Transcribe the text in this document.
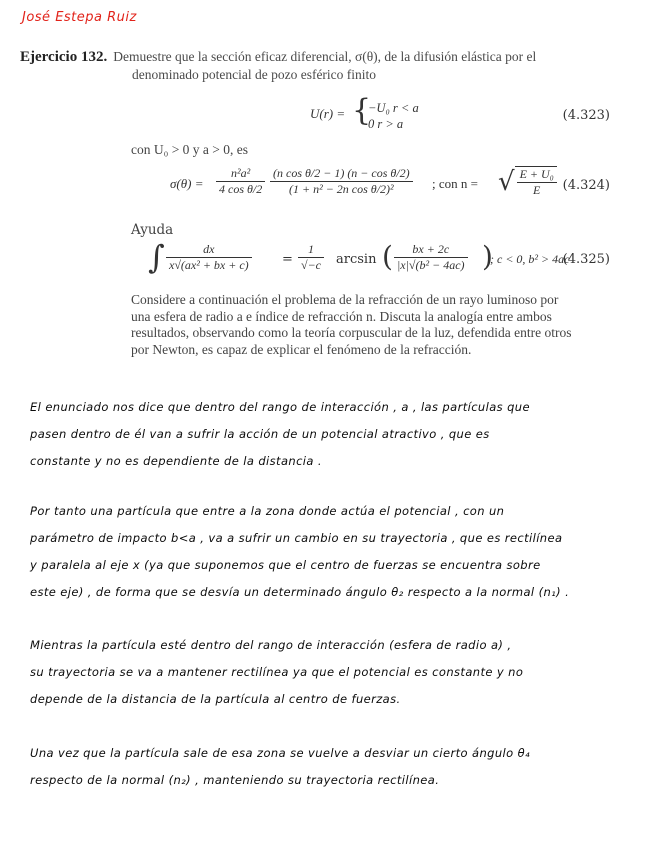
José Estepa Ruiz
Ejercicio 132. Demuestre que la sección eficaz diferencial, σ(θ), de la difusión elástica por el
denominado potencial de pozo esférico finito
U(r) = {
−U₀ r < a
0 r > a
(4.323)
con U₀ > 0 y a > 0, es
$\sigma(\theta) = \frac{\text{n²a²}}{\text{4 cos θ/2}} \frac{\text{(n cos θ/2 − 1) (n − cos θ/2)}}{\text{(1 + n² − 2n cos θ/2)²}}$ ; con n = √ $\frac{\text{E + U₀}}{E} (4.324)$
Ayuda
∫ $\frac{dx}{\text{x√(ax² + bx + c)}} = \frac{1}{√-c}$ arcsin ( $\frac{bx + 2c}{\text{|x|√(b² − 4ac)}}$ )
; c < 0, b² > 4ac
(4.325)
Considere a continuación el problema de la refracción de un rayo luminoso por
una esfera de radio a e índice de refracción n. Discuta la analogía entre ambos
resultados, observando como la teoría corpuscular de la luz, defendida entre otros
por Newton, es capaz de explicar el fenómeno de la refracción.

El enunciado nos dice que dentro del rango de interacción , a , las partículas que

pasen dentro de él van a sufrir la acción de un potencial atractivo , que es

constante y no es dependiente de la distancia .

Por tanto una partícula que entre a la zona donde actúa el potencial , con un

parámetro de impacto b<a , va a sufrir un cambio en su trayectoria , que es rectilínea

y paralela al eje x (ya que suponemos que el centro de fuerzas se encuentra sobre

este eje) , de forma que se desvía un determinado ángulo θ₂ respecto a la normal (n₁) .

Mientras la partícula esté dentro del rango de interacción (esfera de radio a) ,

su trayectoria se va a mantener rectilínea ya que el potencial es constante y no

depende de la distancia de la partícula al centro de fuerzas.

Una vez que la partícula sale de esa zona se vuelve a desviar un cierto ángulo θ₄

respecto de la normal (n₂) , manteniendo su trayectoria rectilínea.
